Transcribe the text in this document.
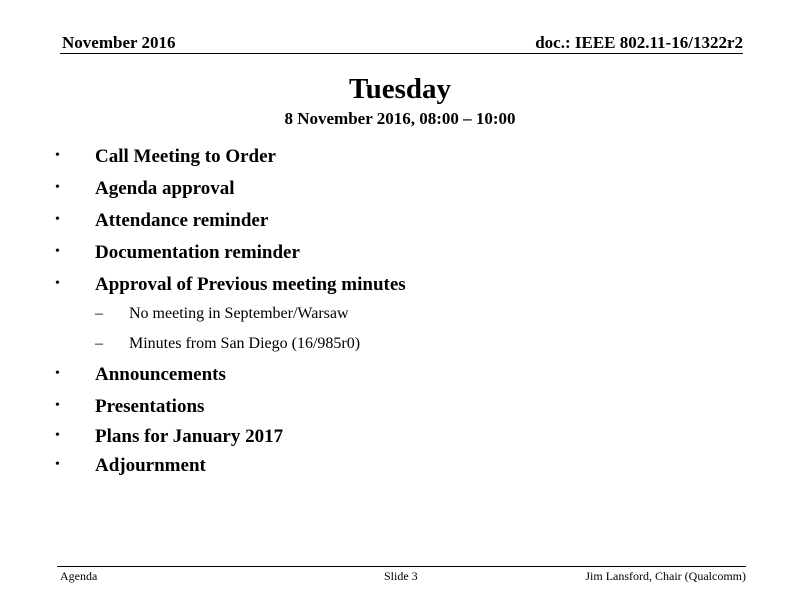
November 2016	doc.: IEEE 802.11-16/1322r2
Tuesday
8 November 2016, 08:00 – 10:00
• Call Meeting to Order
• Agenda approval
• Attendance reminder
• Documentation reminder
• Approval of Previous meeting minutes
– No meeting in September/Warsaw
– Minutes from San Diego (16/985r0)
• Announcements
• Presentations
• Plans for January 2017
• Adjournment
Agenda	Slide 3	Jim Lansford, Chair (Qualcomm)
